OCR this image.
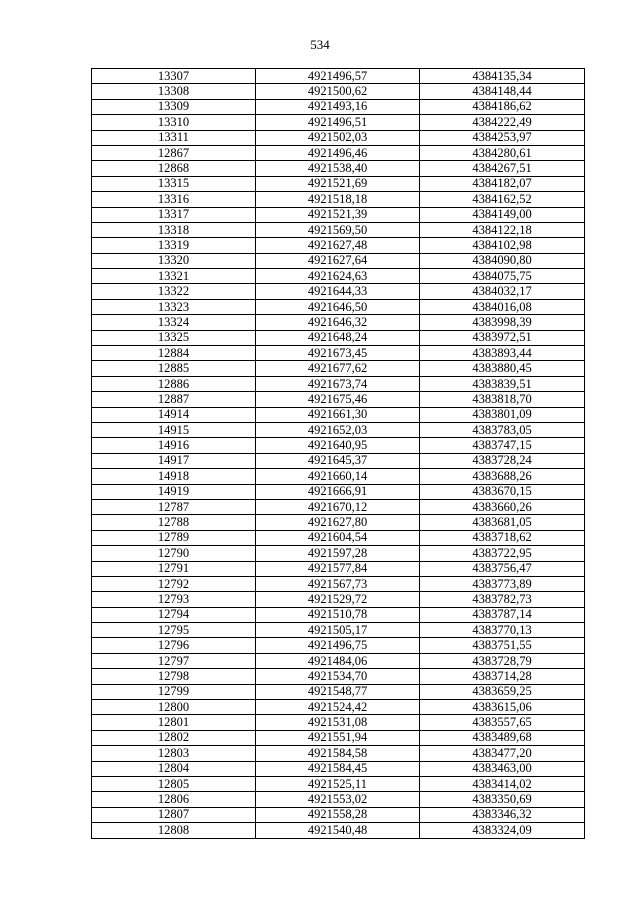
534
13307	4921496,57	4384135,34
13308	4921500,62	4384148,44
13309	4921493,16	4384186,62
13310	4921496,51	4384222,49
13311	4921502,03	4384253,97
12867	4921496,46	4384280,61
12868	4921538,40	4384267,51
13315	4921521,69	4384182,07
13316	4921518,18	4384162,52
13317	4921521,39	4384149,00
13318	4921569,50	4384122,18
13319	4921627,48	4384102,98
13320	4921627,64	4384090,80
13321	4921624,63	4384075,75
13322	4921644,33	4384032,17
13323	4921646,50	4384016,08
13324	4921646,32	4383998,39
13325	4921648,24	4383972,51
12884	4921673,45	4383893,44
12885	4921677,62	4383880,45
12886	4921673,74	4383839,51
12887	4921675,46	4383818,70
14914	4921661,30	4383801,09
14915	4921652,03	4383783,05
14916	4921640,95	4383747,15
14917	4921645,37	4383728,24
14918	4921660,14	4383688,26
14919	4921666,91	4383670,15
12787	4921670,12	4383660,26
12788	4921627,80	4383681,05
12789	4921604,54	4383718,62
12790	4921597,28	4383722,95
12791	4921577,84	4383756,47
12792	4921567,73	4383773,89
12793	4921529,72	4383782,73
12794	4921510,78	4383787,14
12795	4921505,17	4383770,13
12796	4921496,75	4383751,55
12797	4921484,06	4383728,79
12798	4921534,70	4383714,28
12799	4921548,77	4383659,25
12800	4921524,42	4383615,06
12801	4921531,08	4383557,65
12802	4921551,94	4383489,68
12803	4921584,58	4383477,20
12804	4921584,45	4383463,00
12805	4921525,11	4383414,02
12806	4921553,02	4383350,69
12807	4921558,28	4383346,32
12808	4921540,48	4383324,09
